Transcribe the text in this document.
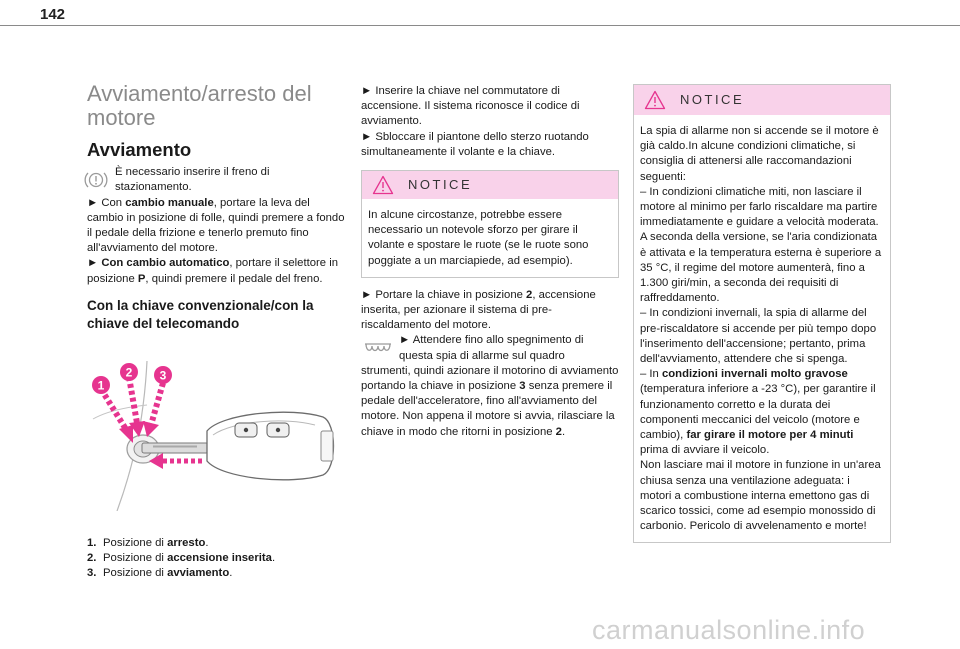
142
Avviamento/arresto del motore
Avviamento

È necessario inserire il freno di stazionamento.

► Con cambio manuale, portare la leva del cambio in posizione di folle, quindi premere a fondo il pedale della frizione e tenerlo premuto fino all'avviamento del motore.

► Con cambio automatico, portare il selettore in posizione P, quindi premere il pedale del freno.

Con la chiave convenzionale/con la chiave del telecomando
1
2 3
1. Posizione di arresto.
2. Posizione di accensione inserita.
3. Posizione di avviamento.

► Inserire la chiave nel commutatore di accensione. Il sistema riconosce il codice di avviamento.

► Sbloccare il piantone dello sterzo ruotando simultaneamente il volante e la chiave.

NOTICE
In alcune circostanze, potrebbe essere necessario un notevole sforzo per girare il volante e spostare le ruote (se le ruote sono poggiate a un marciapiede, ad esempio).

► Portare la chiave in posizione 2, accensione inserita, per azionare il sistema di pre-riscaldamento del motore.

► Attendere fino allo spegnimento di questa spia di allarme sul quadro

strumenti, quindi azionare il motorino di avviamento portando la chiave in posizione 3 senza premere il pedale dell'acceleratore, fino all'avviamento del motore. Non appena il motore si avvia, rilasciare la chiave in modo che ritorni in posizione 2.

NOTICE

La spia di allarme non si accende se il motore è già caldo.In alcune condizioni climatiche, si consiglia di attenersi alle raccomandazioni seguenti:

– In condizioni climatiche miti, non lasciare il motore al minimo per farlo riscaldare ma partire immediatamente e guidare a velocità moderata.

A seconda della versione, se l'aria condizionata è attivata e la temperatura esterna è superiore a 35 °C, il regime del motore aumenterà, fino a 1.300 giri/min, a seconda dei requisiti di raffreddamento.

– In condizioni invernali, la spia di allarme del pre-riscaldatore si accende per più tempo dopo l'inserimento dell'accensione; pertanto, prima dell'avviamento, attendere che si spenga.

– In condizioni invernali molto gravose (temperatura inferiore a -23 °C), per garantire il funzionamento corretto e la durata dei componenti meccanici del veicolo (motore e cambio), far girare il motore per 4 minuti prima di avviare il veicolo.

Non lasciare mai il motore in funzione in un'area chiusa senza una ventilazione adeguata: i motori a combustione interna emettono gas di scarico tossici, come ad esempio monossido di carbonio. Pericolo di avvelenamento e morte!

carmanualsonline.info
